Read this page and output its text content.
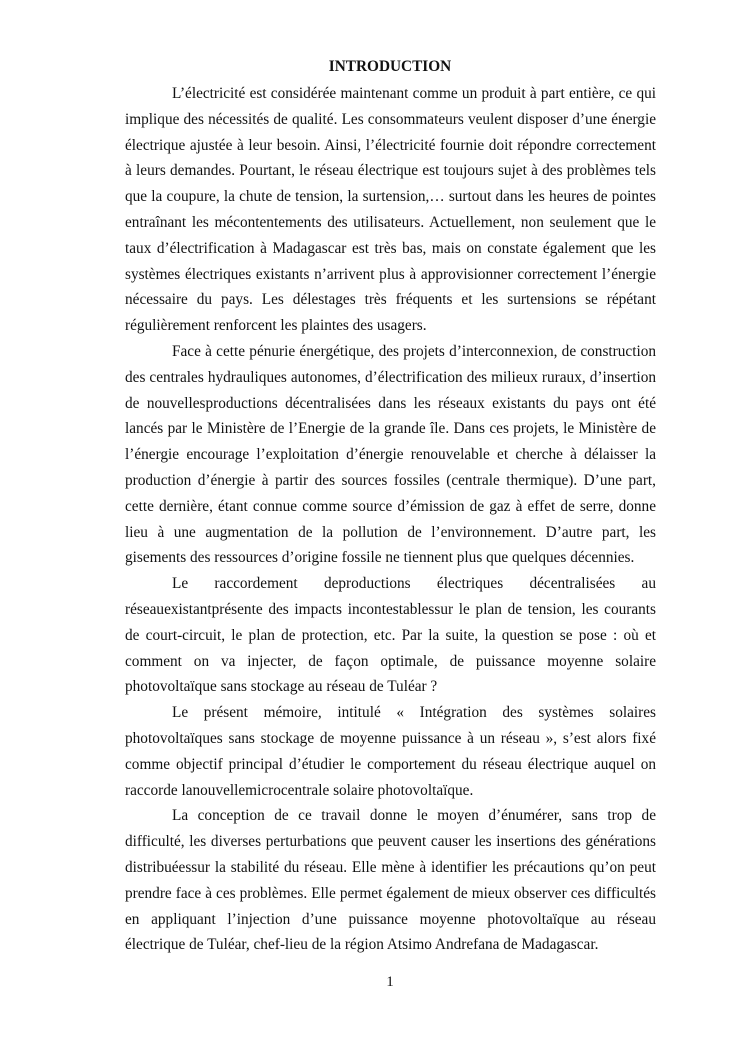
INTRODUCTION

L’électricité est considérée maintenant comme un produit à part entière, ce qui implique des nécessités de qualité. Les consommateurs veulent disposer d’une énergie électrique ajustée à leur besoin. Ainsi, l’électricité fournie doit répondre correctement à leurs demandes. Pourtant, le réseau électrique est toujours sujet à des problèmes tels que la coupure, la chute de tension, la surtension,… surtout dans les heures de pointes entraînant les mécontentements des utilisateurs. Actuellement, non seulement que le taux d’électrification à Madagascar est très bas, mais on constate également que les systèmes électriques existants n’arrivent plus à approvisionner correctement l’énergie nécessaire du pays. Les délestages très fréquents et les surtensions se répétant régulièrement renforcent les plaintes des usagers.

Face à cette pénurie énergétique, des projets d’interconnexion, de construction des centrales hydrauliques autonomes, d’électrification des milieux ruraux, d’insertion de nouvellesproductions décentralisées dans les réseaux existants du pays ont été lancés par le Ministère de l’Energie de la grande île. Dans ces projets, le Ministère de l’énergie encourage l’exploitation d’énergie renouvelable et cherche à délaisser la production d’énergie à partir des sources fossiles (centrale thermique). D’une part, cette dernière, étant connue comme source d’émission de gaz à effet de serre, donne lieu à une augmentation de la pollution de l’environnement. D’autre part, les gisements des ressources d’origine fossile ne tiennent plus que quelques décennies.

Le raccordement deproductions électriques décentralisées au réseauexistantprésente des impacts incontestablessur le plan de tension, les courants de court-circuit, le plan de protection, etc. Par la suite, la question se pose : où et comment on va injecter, de façon optimale, de puissance moyenne solaire photovoltaïque sans stockage au réseau de Tuléar ?

Le présent mémoire, intitulé « Intégration des systèmes solaires photovoltaïques sans stockage de moyenne puissance à un réseau », s’est alors fixé comme objectif principal d’étudier le comportement du réseau électrique auquel on raccorde lanouvellemicrocentrale solaire photovoltaïque.

La conception de ce travail donne le moyen d’énumérer, sans trop de difficulté, les diverses perturbations que peuvent causer les insertions des générations distribuéessur la stabilité du réseau. Elle mène à identifier les précautions qu’on peut prendre face à ces problèmes. Elle permet également de mieux observer ces difficultés en appliquant l’injection d’une puissance moyenne photovoltaïque au réseau électrique de Tuléar, chef-lieu de la région Atsimo Andrefana de Madagascar.

1
